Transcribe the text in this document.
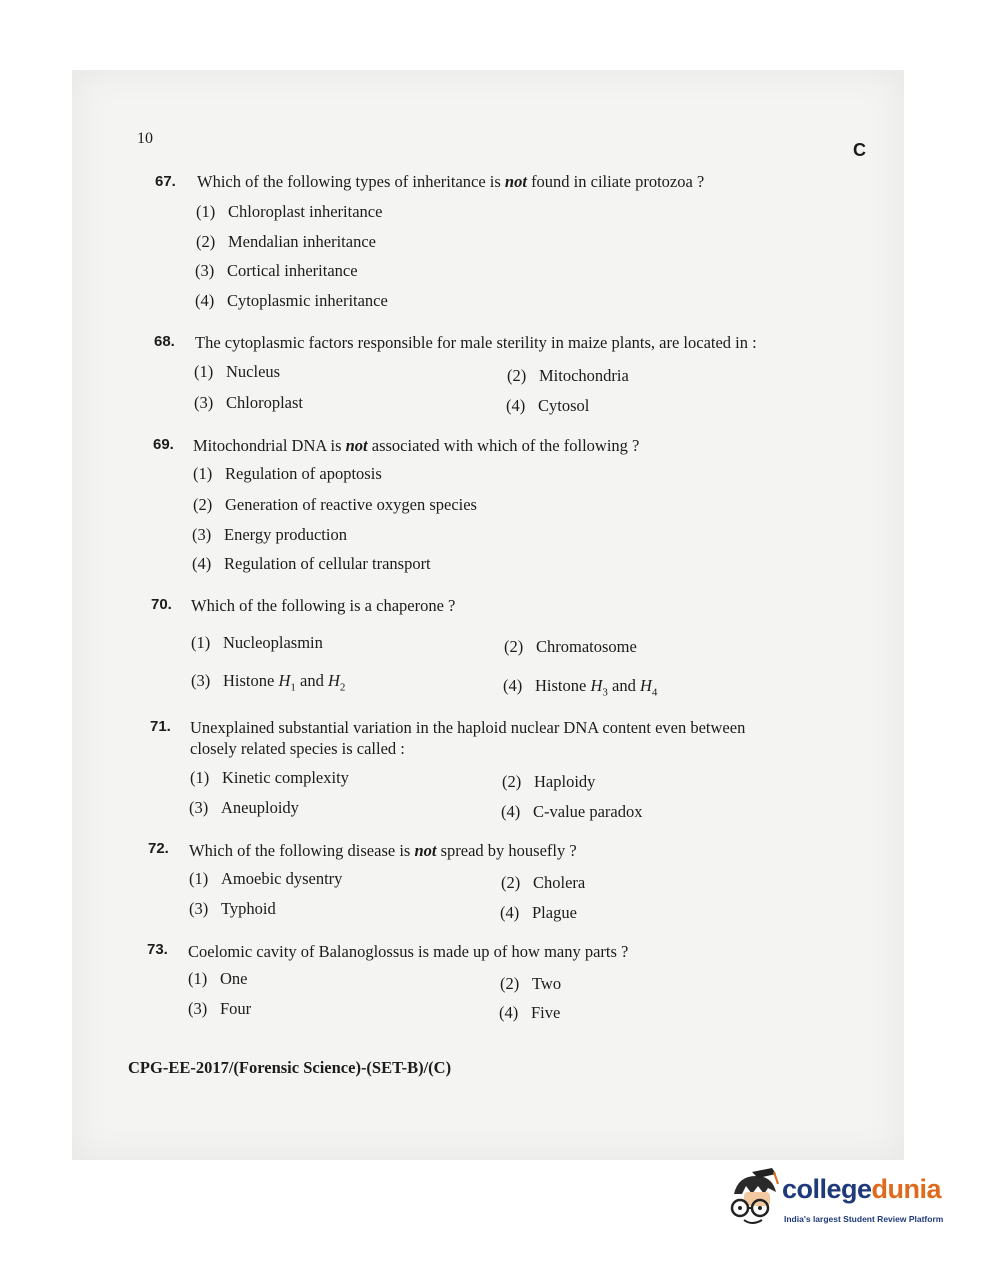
10
C
67. Which of the following types of inheritance is not found in ciliate protozoa ?
(1) Chloroplast inheritance
(2) Mendalian inheritance
(3) Cortical inheritance
(4) Cytoplasmic inheritance
68. The cytoplasmic factors responsible for male sterility in maize plants, are located in :
(1) Nucleus	(2) Mitochondria
(3) Chloroplast	(4) Cytosol
69. Mitochondrial DNA is not associated with which of the following ?
(1) Regulation of apoptosis
(2) Generation of reactive oxygen species
(3) Energy production
(4) Regulation of cellular transport
70. Which of the following is a chaperone ?
(1) Nucleoplasmin	(2) Chromatosome
(3) Histone $H_1$ and $H_2$	(4) Histone $H_3$ and $H_4$
71. Unexplained substantial variation in the haploid nuclear DNA content even between
closely related species is called :
(1) Kinetic complexity	(2) Haploidy
(3) Aneuploidy	(4) C-value paradox
72. Which of the following disease is not spread by housefly ?
(1) Amoebic dysentry	(2) Cholera
(3) Typhoid	(4) Plague
73. Coelomic cavity of Balanoglossus is made up of how many parts ?
(1) One	(2) Two
(3) Four	(4) Five
CPG-EE-2017/(Forensic Science)-(SET-B)/(C)
collegedunia
India's largest Student Review Platform
